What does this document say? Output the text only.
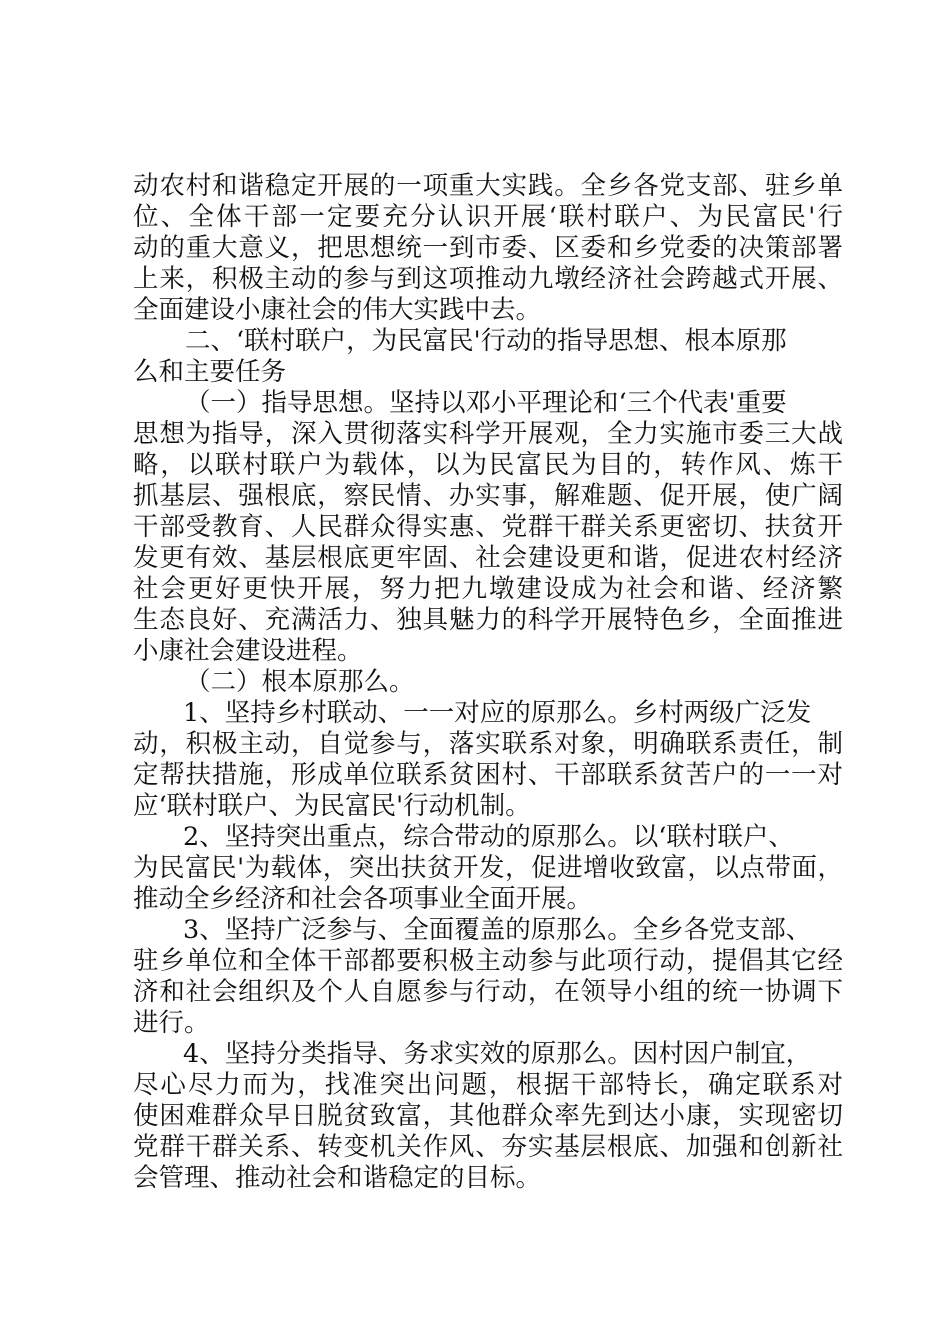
动农村和谐稳定开展的一项重大实践。全乡各党支部、驻乡单
位、全体干部一定要充分认识开展‘联村联户、为民富民'行
动的重大意义，把思想统一到市委、区委和乡党委的决策部署
上来，积极主动的参与到这项推动九墩经济社会跨越式开展、
全面建设小康社会的伟大实践中去。
二、‘联村联户，为民富民'行动的指导思想、根本原那
么和主要任务
（一）指导思想。坚持以邓小平理论和‘三个代表'重要
思想为指导，深入贯彻落实科学开展观，全力实施市委三大战
略，以联村联户为载体，以为民富民为目的，转作风、炼干
抓基层、强根底，察民情、办实事，解难题、促开展，使广阔
干部受教育、人民群众得实惠、党群干群关系更密切、扶贫开
发更有效、基层根底更牢固、社会建设更和谐，促进农村经济
社会更好更快开展，努力把九墩建设成为社会和谐、经济繁
生态良好、充满活力、独具魅力的科学开展特色乡，全面推进
小康社会建设进程。
（二）根本原那么。
1、坚持乡村联动、一一对应的原那么。乡村两级广泛发
动，积极主动，自觉参与，落实联系对象，明确联系责任，制
定帮扶措施，形成单位联系贫困村、干部联系贫苦户的一一对
应‘联村联户、为民富民'行动机制。
2、坚持突出重点，综合带动的原那么。以‘联村联户、
为民富民'为载体，突出扶贫开发，促进增收致富，以点带面，
推动全乡经济和社会各项事业全面开展。
3、坚持广泛参与、全面覆盖的原那么。全乡各党支部、
驻乡单位和全体干部都要积极主动参与此项行动，提倡其它经
济和社会组织及个人自愿参与行动，在领导小组的统一协调下
进行。
4、坚持分类指导、务求实效的原那么。因村因户制宜，
尽心尽力而为，找准突出问题，根据干部特长，确定联系对
使困难群众早日脱贫致富，其他群众率先到达小康，实现密切
党群干群关系、转变机关作风、夯实基层根底、加强和创新社
会管理、推动社会和谐稳定的目标。
